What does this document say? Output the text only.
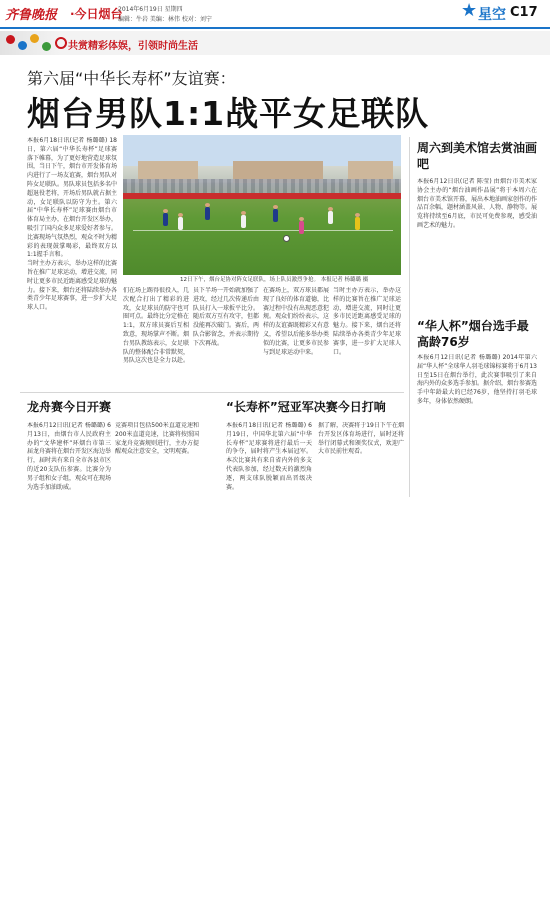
齐鲁晚报 ·今日烟台
2014年6月19日 星期四
编辑：牛岩 美编：林伟 校对：刘宁	★ 星空 C17
共赏精彩体娱，引领时尚生活
第六届“中华长寿杯”友谊赛：
烟台男队1:1战平女足联队
本报6月18日讯(记者 杨璐璐) 18日，第六届“中华长寿杯”足球赛落下帷幕，为了更好地营造足球氛围，当日下午，烟台市开发体育场内进行了一场友谊赛，烟台男队对阵女足联队。男队球员包括多名中超退役老将，开场后男队就占据主动，女足联队以防守为主。第六届“中华长寿杯”足球赛由烟台市体育局主办，在烟台开发区举办，吸引了国内众多足球爱好者参与。比赛现场气氛热烈，观众不时为精彩的表现鼓掌喝彩，最终双方以1:1握手言和。
当时主办方表示，举办这样的比赛旨在推广足球运动，增进交流，同时让更多市民近距离感受足球的魅力。接下来，烟台还将陆续举办各类青少年足球赛事，进一步扩大足球人口。
12日下午，烟台足协对阵女足联队，场上队员激烈争抢。 本报记者 杨璐璐 摄
们在场上踢得很投入，几次配合打出了精彩的进攻，女足球员的防守也可圈可点。最终比分定格在1:1，双方球员赛后互相致意，现场掌声不断。烟台男队教练表示，女足联队的整体配合非常默契，男队这次也是全力以赴。
员下半场一开始就加强了进攻，经过几次传递后由队员打入一球扳平比分。随后双方互有攻守，但都没能再次破门。赛后，两队合影留念，并表示期待下次再战。
在赛场上，双方球员都展现了良好的体育道德，比赛过程中没有出现恶意犯规。观众们纷纷表示，这样的友谊赛既精彩又有意义，希望以后能多举办类似的比赛，让更多市民参与到足球运动中来。
当时主办方表示，举办这样的比赛旨在推广足球运动，增进交流，同时让更多市民近距离感受足球的魅力。接下来，烟台还将陆续举办各类青少年足球赛事，进一步扩大足球人口。
周六到美术馆去赏油画吧
本报6月12日讯(记者 陈莹) 由烟台市美术家协会主办的“烟台油画作品展”将于本周六在烟台市美术馆开幕，展出本地油画家创作的作品百余幅，题材涵盖风景、人物、静物等。展览将持续至6月底，市民可免费参观，感受油画艺术的魅力。
“华人杯”烟台选手最高龄76岁
本报6月12日讯(记者 杨璐璐) 2014年第六届“华人杯”全球华人羽毛球锦标赛将于6月13日至15日在烟台举行，此次赛事吸引了来自海内外的众多选手参加。据介绍，烟台参赛选手中年龄最大的已经76岁，他坚持打羽毛球多年，身体依然硬朗。
龙舟赛今日开赛
本报6月12日讯(记者 杨璐璐) 6月13日，由烟台市人民政府主办的“文华建杯”环烟台市第三届龙舟赛将在烟台开发区海边举行，届时共有来自全市各县市区的近20支队伍参赛。比赛分为男子组和女子组，观众可在现场为选手加油助威。
竞赛项目包括500米直道竞速和200米直道竞速，比赛将按照国家龙舟竞赛规则进行，主办方提醒观众注意安全，文明观赛。
“长寿杯”冠亚军决赛今日打响
本报6月18日讯(记者 杨璐璐) 6月19日，中国华北第六届“中华长寿杯”足球赛将进行最后一天的争夺，届时将产生本届冠军。本次比赛共有来自省内外的多支代表队参加，经过数天的激烈角逐，两支球队脱颖而出晋级决赛。
据了解，决赛将于19日下午在烟台开发区体育场进行，届时还将举行闭幕式和颁奖仪式，欢迎广大市民前往观看。
